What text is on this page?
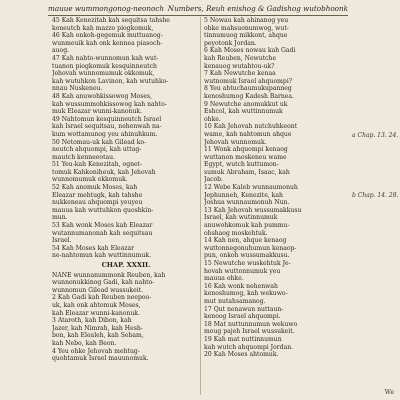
mauue wummongonog-neonoch Numbers, Reuh enishog & Gadishog wutobhoonk
45 Kah Kenezitah kah sequitsa tahshe
koneutch kah mazzo piogkomuk,
46 Kah onkoh-gegemuk muttuanog-
wunmeuik kah onk kennea piasoch-
auog.
47 Kah nahto-wunnomun kah wut-
tuanon piogkomuk kesquinneutch
Jehovah wunnomumuk okkomuk,
kah wutuhkon Lavinon, kah wutuhko-
nnau Nuskeneu.
48 Kah anuwohkissowog Moses,
kah wussummohkissowog kah nahto-
muk Eleazar wunni-kanonuk.
49 Nahtomun kesquinneutch Israel
kah Israel sequitsau, nehenwah na-
kum wottamunog yeu ahinuhkum.
50 Netomau-uk kah Gilead ko-
neutch ahquompi, kah uttag-
mautch kenneeotau.
51 Yeu-kah Kenezitah, ognet-
tomuk Kahkoniheuk, kah Jehovah
wunnomumuk okkomuk.
52 Kah anomuk Moses, kah
Eleazar mehtugk, kah tahshe
nukkeneau ahquompi yeuyeu
mauua kah wuttuhkon quoshkin-
mun.
53 Kah wonk Moses kah Eleazar
wutannumanonah kah sequitsau
Israel.
54 Kah Moses kah Eleazar
ne-nahtomun kah wuttinnumuk.
CHAP. XXXII.
NANE wunnanummonk Reuben, kah
wunnonukkinog Gadi, kah nahto-
wunnomun Gilead wussukeit.
2 Kah Gadi kah Reuben neepoo-
uk, kah onk ahtomuk Moses,
kah Eleazar wunni-kanonuk.
3 Ataroth, kah Dibon, kah
Jazer, kah Nimrah, kah Hesh-
bon, kah Elealeh, kah Sebam,
kah Nebo, kah Beon.
4 Yeu ohke Jehovah mehtug-
quohtamuk Israel mauunomuk.
5 Nowau kah ahinanog yeu
ohke mahsuonumwog, wut-
tinnumuog mikkont, ahque
peyotonk Jordan.
6 Kah Moses nowau kah Gadi
kah Reuben, Newutche
kenauog wutahtou-uk?
7 Kah Newutche kenaa
wutnomuk Israel ahquompi?
8 Yeu ahtuchaumukupanneg
kenoshumog Kadesh Barnea.
9 Newutche anomukkut uk
Eshcol, kah wuttinnumuk
ohke.
10 Kah Jehovah nutchuhkeont
wame, kah nahtomun ahque
Jehovah wunnomuk.
11 Wonk ahquompi kenaog
wuttanon moskeneu wame
Egypt, wutch kuttumon-
sumuk Abraham, Isaac, kah
Jacob.
12 Webe Kaleb wunnaumonuh
Jephunneh, Kenezite, kah
Joshua wunnaumonuh Nun.
13 Kah Jehovah wussumakkusu
Israel, kah wutinnumuk
anuwohkomuk kah pummu-
ohshaog moskehtuk.
14 Kah nen, ahque kenaog
wuttonnegonuhumun kenaop-
pun, onkoh wussumakkusu.
15 Newutche wuskehtuk Je-
hovah wuttonnumuk yeu
mauua ohke.
16 Kah wonk nehenwah
kenoshumog, kah wekuwo-
mut nutahsamanog.
17 Qut nenawun nuttaun-
kenoog Israel ahquompi.
18 Mat nuttunnumun wekuwo
moug pajeh Israel wussukeit.
19 Kah mat nuttinnumun
kah wutch ahquompi Jordan.
20 Kah Moses ahtomuk.
a Chap. 13. 24.
b Chap. 14. 28.
We
